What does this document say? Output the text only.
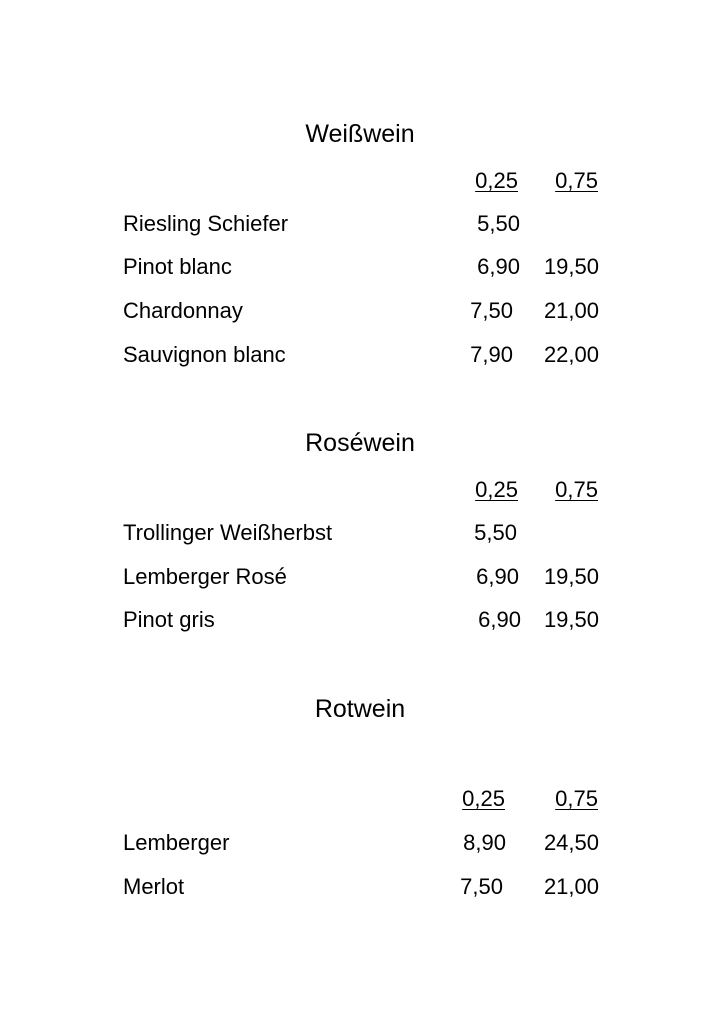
Weißwein
0,25 0,75
Riesling Schiefer	5,50
Pinot blanc	6,90 19,50
Chardonnay	7,50 21,00
Sauvignon blanc	7,90 22,00
Roséwein
0,25 0,75
Trollinger Weißherbst	5,50
Lemberger Rosé	6,90 19,50
Pinot gris	6,90 19,50
Rotwein
0,25 0,75
Lemberger	8,90 24,50
Merlot	7,50 21,00
